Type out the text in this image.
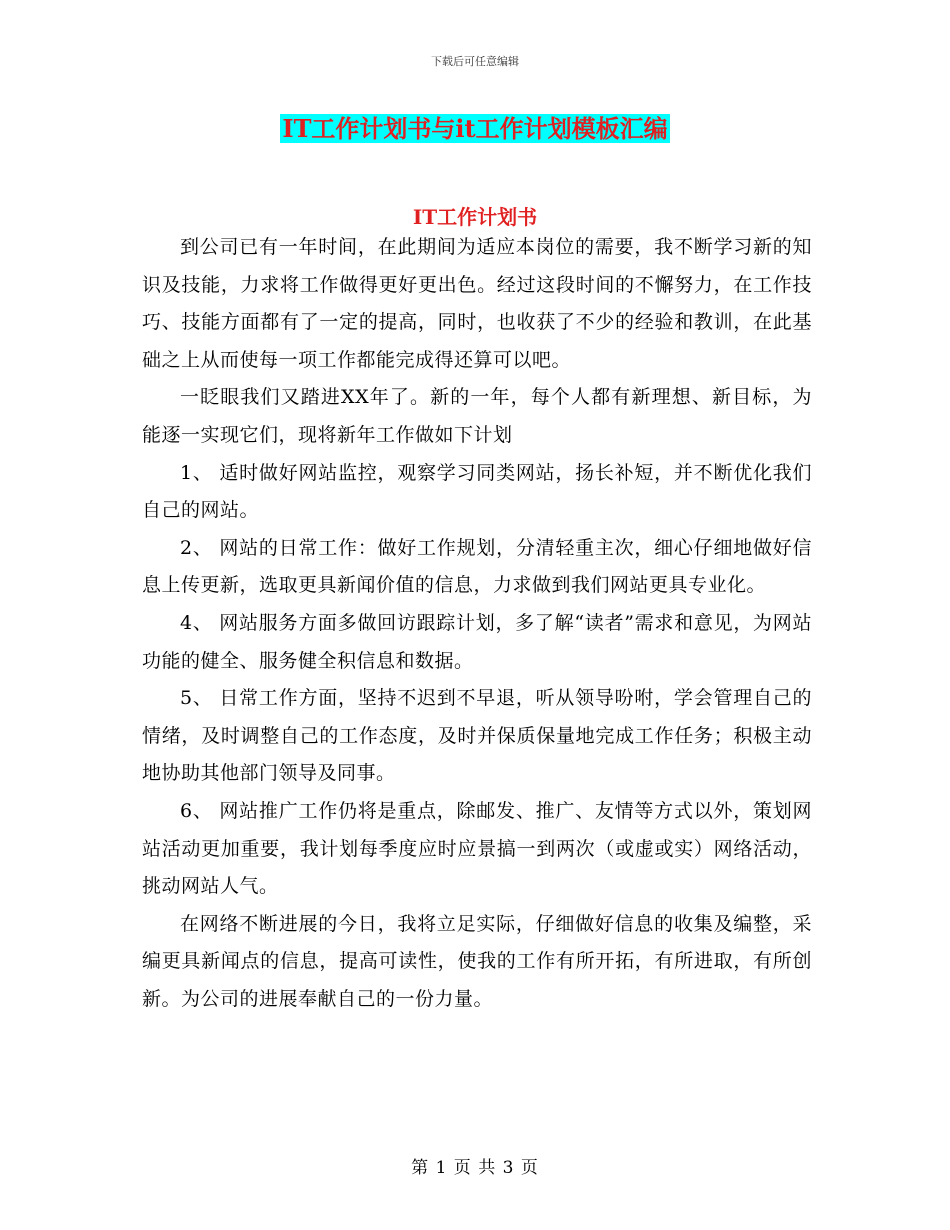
下载后可任意编辑
IT工作计划书与it工作计划模板汇编
IT工作计划书

到公司已有一年时间，在此期间为适应本岗位的需要，我不断学习新的知识及技能，力求将工作做得更好更出色。经过这段时间的不懈努力，在工作技巧、技能方面都有了一定的提高，同时，也收获了不少的经验和教训，在此基础之上从而使每一项工作都能完成得还算可以吧。

一眨眼我们又踏进XX年了。新的一年，每个人都有新理想、新目标，为能逐一实现它们，现将新年工作做如下计划

1、 适时做好网站监控，观察学习同类网站，扬长补短，并不断优化我们自己的网站。

2、 网站的日常工作：做好工作规划，分清轻重主次，细心仔细地做好信息上传更新，选取更具新闻价值的信息，力求做到我们网站更具专业化。

4、 网站服务方面多做回访跟踪计划，多了解“读者”需求和意见，为网站功能的健全、服务健全积信息和数据。

5、 日常工作方面，坚持不迟到不早退，听从领导吩咐，学会管理自己的情绪，及时调整自己的工作态度，及时并保质保量地完成工作任务；积极主动地协助其他部门领导及同事。

6、 网站推广工作仍将是重点，除邮发、推广、友情等方式以外，策划网站活动更加重要，我计划每季度应时应景搞一到两次（或虚或实）网络活动，挑动网站人气。

在网络不断进展的今日，我将立足实际，仔细做好信息的收集及编整，采编更具新闻点的信息，提高可读性，使我的工作有所开拓，有所进取，有所创新。为公司的进展奉献自己的一份力量。

第 1 页 共 3 页
